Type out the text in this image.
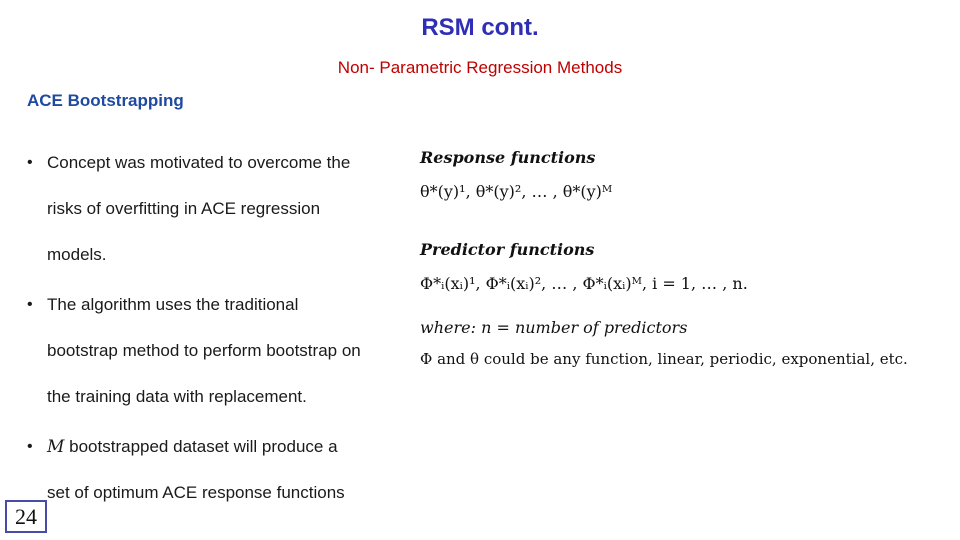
RSM cont.
Non- Parametric Regression Methods
ACE Bootstrapping
• Concept was motivated to overcome the
risks of overfitting in ACE regression
models.
• The algorithm uses the traditional
bootstrap method to perform bootstrap on
the training data with replacement.
• M bootstrapped dataset will produce a
set of optimum ACE response functions
Response functions
θ*(y)¹, θ*(y)², … , θ*(y)ᴹ
Predictor functions
Φ*ᵢ(xᵢ)¹, Φ*ᵢ(xᵢ)², … , Φ*ᵢ(xᵢ)ᴹ, i = 1, … , n.
where: n = number of predictors
Φ and θ could be any function, linear, periodic, exponential, etc.
24
